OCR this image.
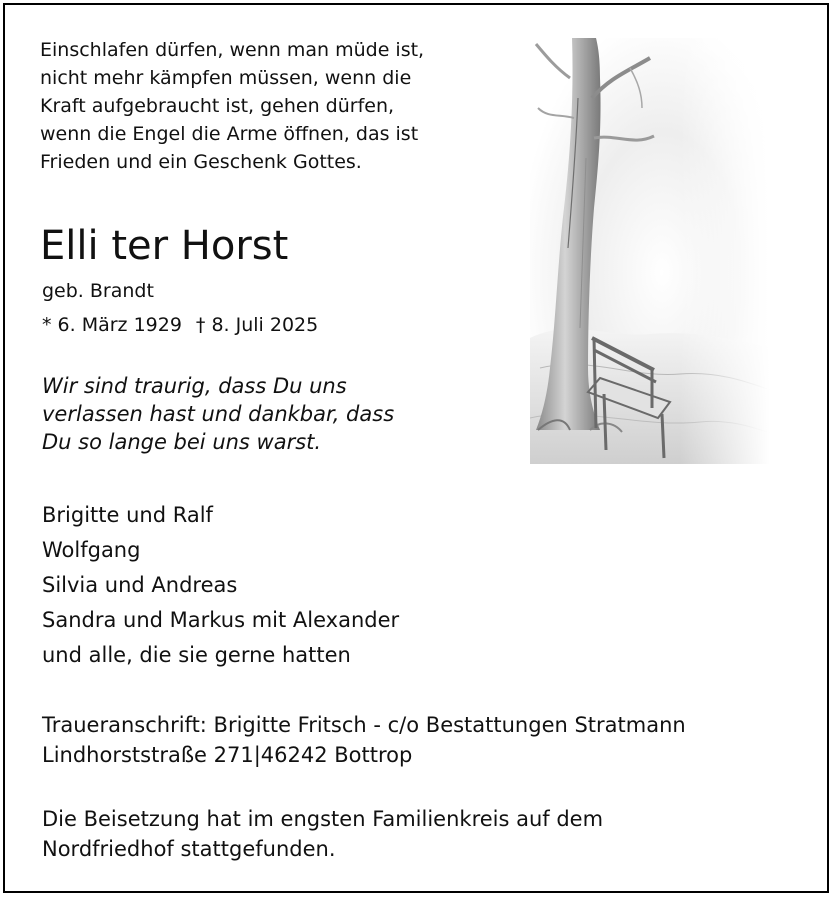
Einschlafen dürfen, wenn man müde ist,
nicht mehr kämpfen müssen, wenn die
Kraft aufgebraucht ist, gehen dürfen,
wenn die Engel die Arme öffnen, das ist
Frieden und ein Geschenk Gottes.
Elli ter Horst
geb. Brandt
* 6. März 1929 † 8. Juli 2025
Wir sind traurig, dass Du uns
verlassen hast und dankbar, dass
Du so lange bei uns warst.
Brigitte und Ralf
Wolfgang
Silvia und Andreas
Sandra und Markus mit Alexander
und alle, die sie gerne hatten
Traueranschrift: Brigitte Fritsch - c/o Bestattungen Stratmann
Lindhorststraße 271|46242 Bottrop
Die Beisetzung hat im engsten Familienkreis auf dem
Nordfriedhof stattgefunden.
